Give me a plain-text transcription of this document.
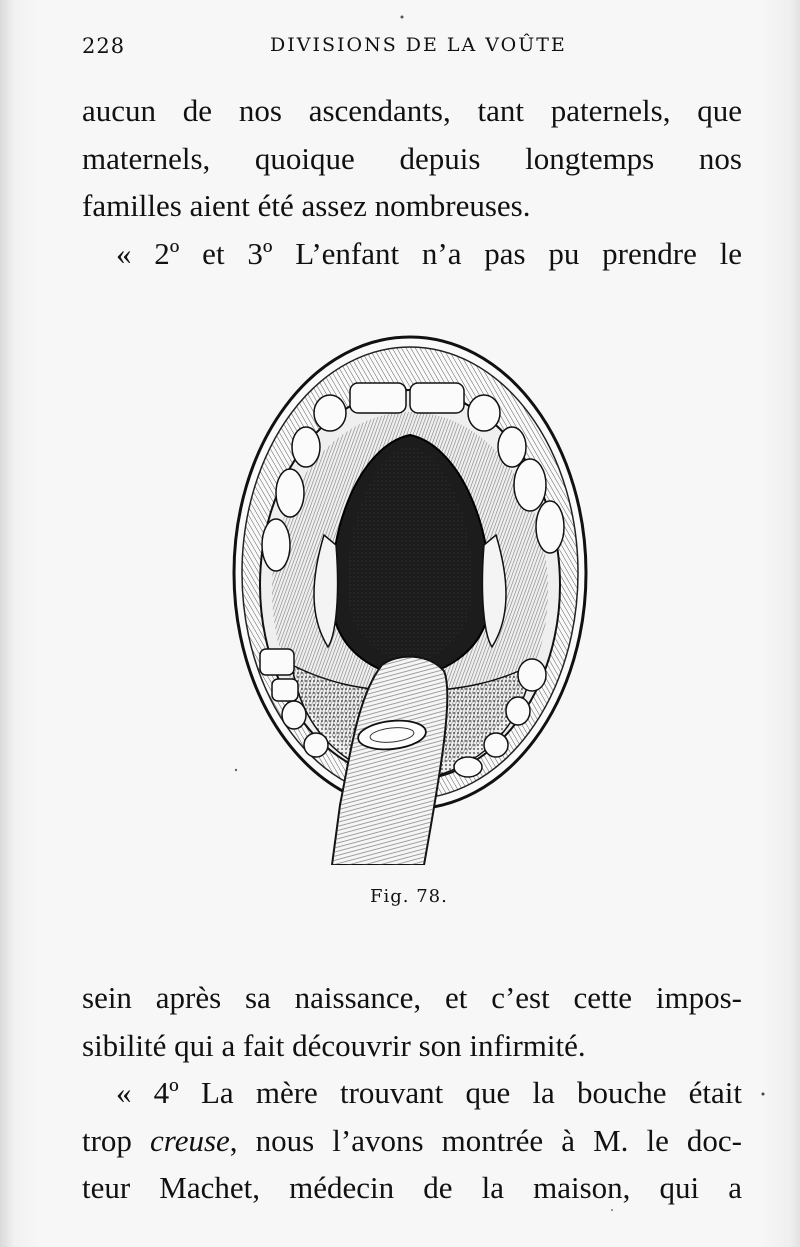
228	DIVISIONS DE LA VOÛTE
aucun de nos ascendants, tant paternels, que
maternels, quoique depuis longtemps nos
familles aient été assez nombreuses.
« 2º et 3º L’enfant n’a pas pu prendre le
Fig. 78.
sein après sa naissance, et c’est cette impos-
sibilité qui a fait découvrir son infirmité.
« 4º La mère trouvant que la bouche était
trop creuse, nous l’avons montrée à M. le doc-
teur Machet, médecin de la maison, qui a
